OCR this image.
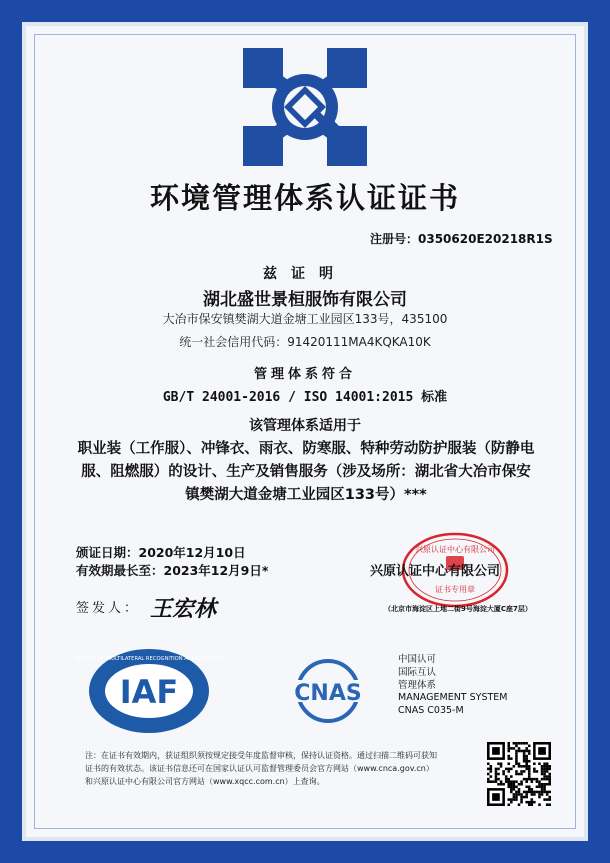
环境管理体系认证证书
注册号：0350620E20218R1S
兹证明
湖北盛世景桓服饰有限公司
大冶市保安镇樊湖大道金塘工业园区133号，435100
统一社会信用代码：91420111MA4KQKA10K
管理体系符合
GB/T 24001-2016 / ISO 14001:2015 标准
该管理体系适用于
职业装（工作服）、冲锋衣、雨衣、防寒服、特种劳动防护服装（防静电服、阻燃服）的设计、生产及销售服务（涉及场所：湖北省大冶市保安镇樊湖大道金塘工业园区133号）***
颁证日期：2020年12月10日
有效期最长至：2023年12月9日*
签发人： 王宏林
兴原认证中心有限公司
证书专用章
兴原认证中心有限公司
（北京市海淀区上地二街9号海淀大厦C座7层）
IAF
MEMBER OF MULTILATERAL RECOGNITION ARRANGEMENT
CNAS
中国认可
国际互认
管理体系
MANAGEMENT SYSTEM
CNAS C035-M
注：在证书有效期内，获证组织须按规定接受年度监督审核，保持认证资格。通过扫描二维码可获知
证书的有效状态。该证书信息还可在国家认证认可监督管理委员会官方网站（www.cnca.gov.cn）
和兴原认证中心有限公司官方网站（www.xqcc.com.cn）上查询。
